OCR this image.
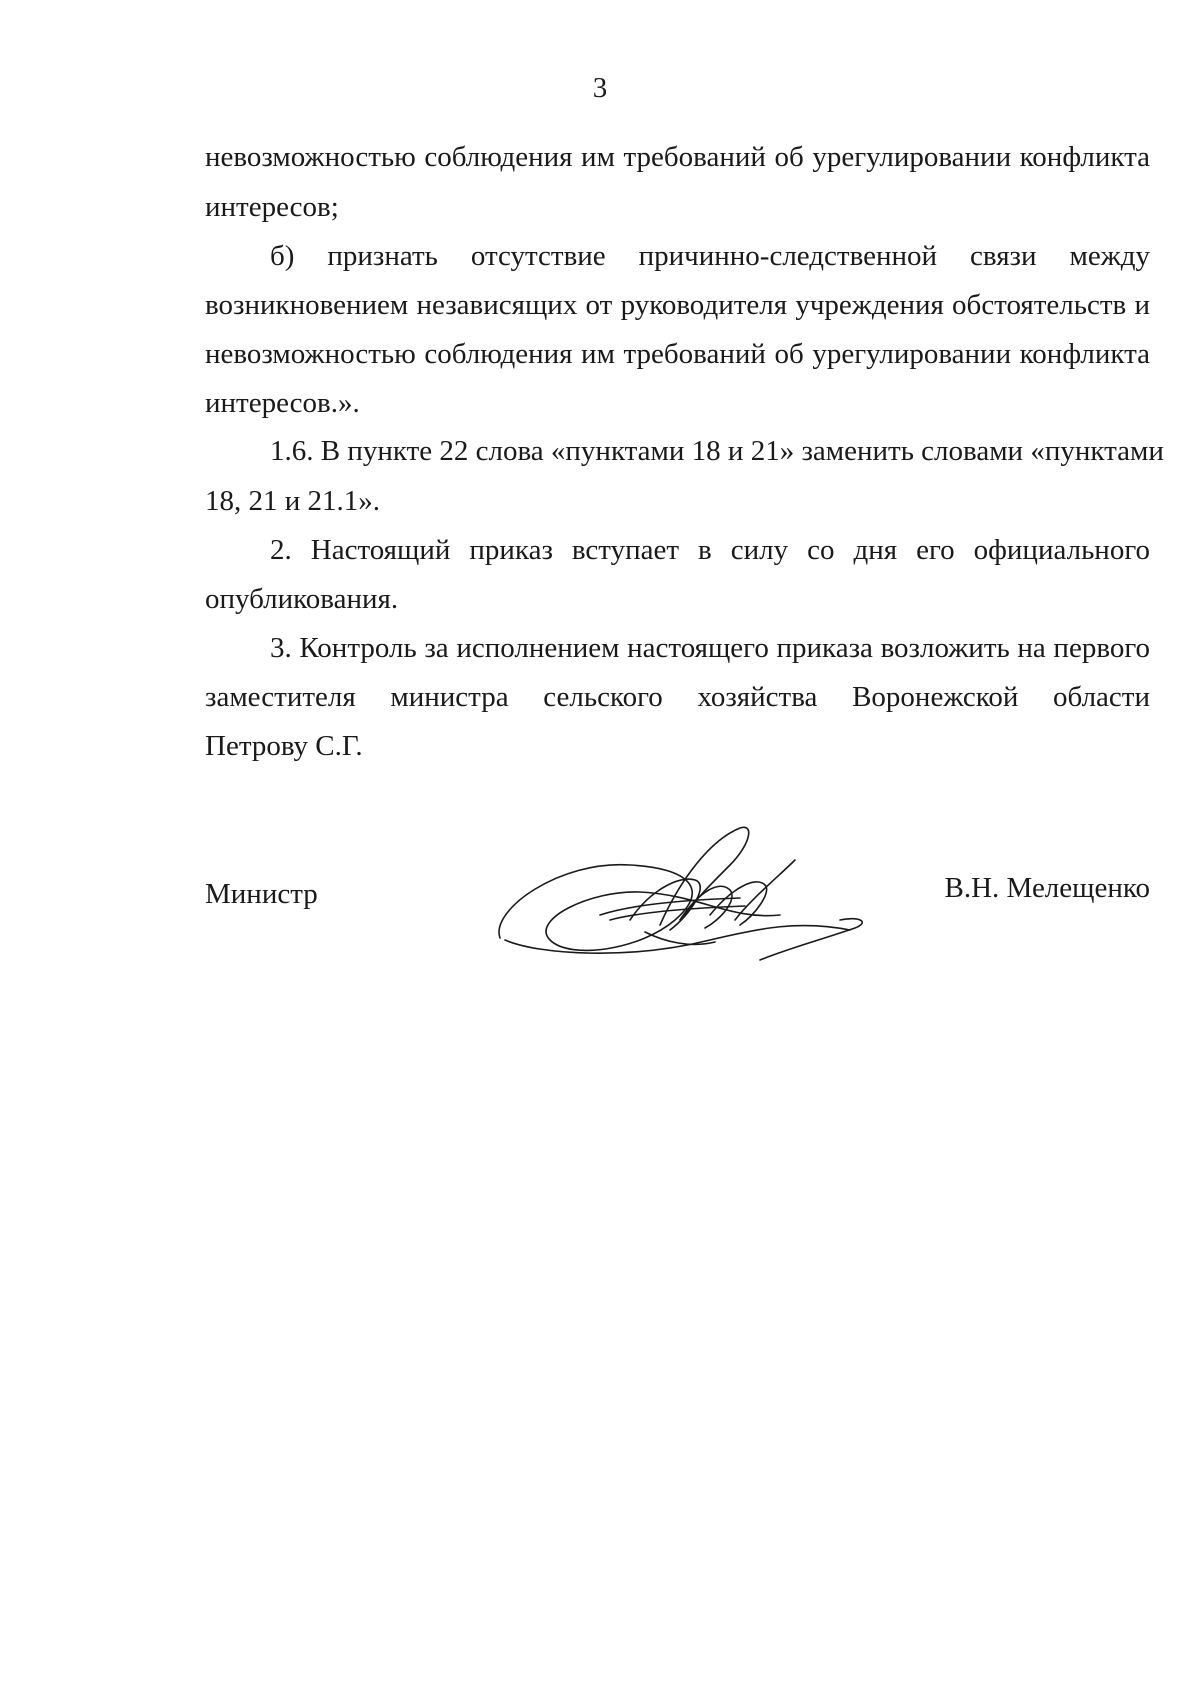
3
невозможностью соблюдения им требований об урегулировании конфликта
интересов;
б) признать отсутствие причинно-следственной связи между
возникновением независящих от руководителя учреждения обстоятельств и
невозможностью соблюдения им требований об урегулировании конфликта
интересов.».
1.6. В пункте 22 слова «пунктами 18 и 21» заменить словами «пунктами
18, 21 и 21.1».
2. Настоящий приказ вступает в силу со дня его официального
опубликования.
3. Контроль за исполнением настоящего приказа возложить на первого
заместителя министра сельского хозяйства Воронежской области
Петрову С.Г.
Министр	В.Н. Мелещенко
